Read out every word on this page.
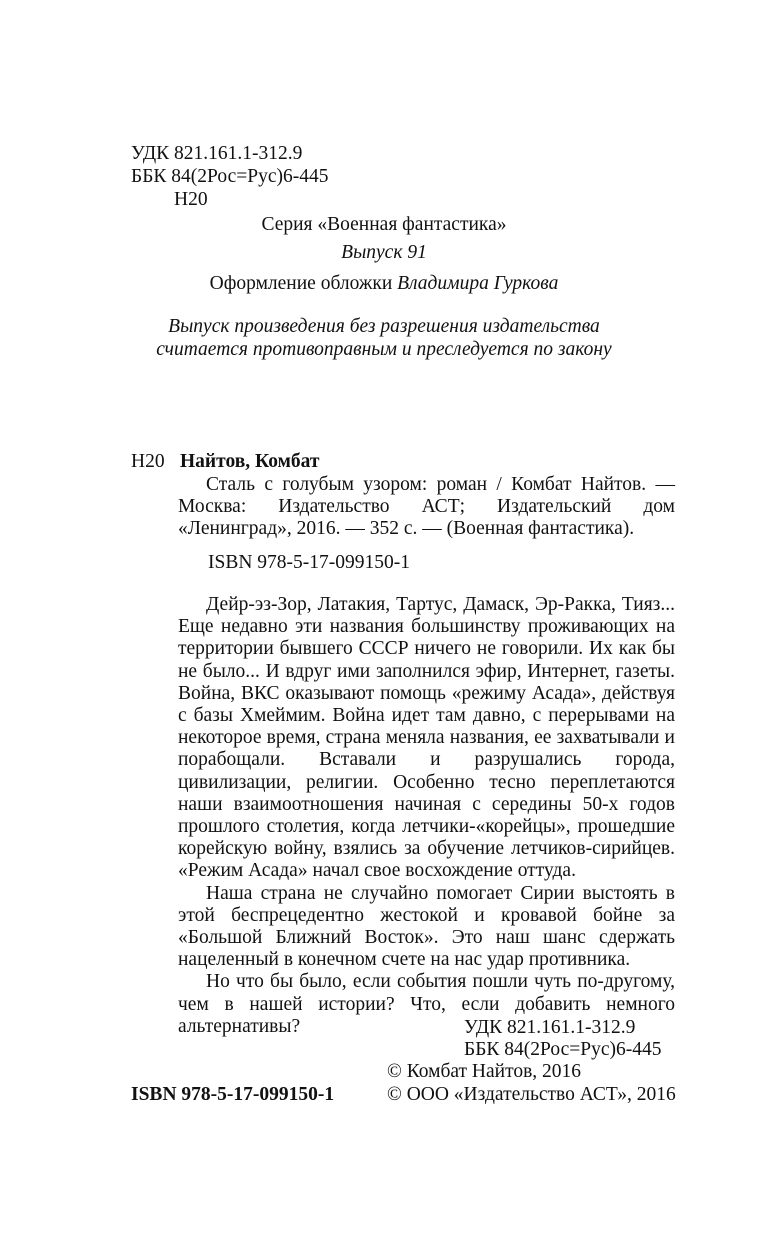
УДК 821.161.1-312.9
ББК 84(2Рос=Рус)6-445
Н20
Серия «Военная фантастика»
Выпуск 91
Оформление обложки Владимира Гуркова
Выпуск произведения без разрешения издательства
считается противоправным и преследуется по закону
Н20 Найтов, Комбат

Сталь с голубым узором: роман / Комбат Найтов. — Москва: Издательство АСТ; Издательский дом «Ленинград», 2016. — 352 с. — (Военная фантастика).

ISBN 978-5-17-099150-1

Дейр-эз-Зор, Латакия, Тартус, Дамаск, Эр-Ракка, Тияз... Еще недавно эти названия большинству проживающих на территории бывшего СССР ничего не говорили. Их как бы не было... И вдруг ими заполнился эфир, Интернет, газеты. Война, ВКС оказывают помощь «режиму Асада», действуя с базы Хмеймим. Война идет там давно, с перерывами на некоторое время, страна меняла названия, ее захватывали и порабощали. Вставали и разрушались города, цивилизации, религии. Особенно тесно переплетаются наши взаимоотношения начиная с середины 50-х годов прошлого столетия, когда летчики-«корейцы», прошедшие корейскую войну, взялись за обучение летчиков-сирийцев. «Режим Асада» начал свое восхождение оттуда.

Наша страна не случайно помогает Сирии выстоять в этой беспрецедентно жестокой и кровавой бойне за «Большой Ближний Восток». Это наш шанс сдержать нацеленный в конечном счете на нас удар противника.

Но что бы было, если события пошли чуть по-другому, чем в нашей истории? Что, если добавить немного альтернативы?	УДК 821.161.1-312.9
ББК 84(2Рос=Рус)6-445
© Комбат Найтов, 2016
ISBN 978-5-17-099150-1	© ООО «Издательство АСТ», 2016
